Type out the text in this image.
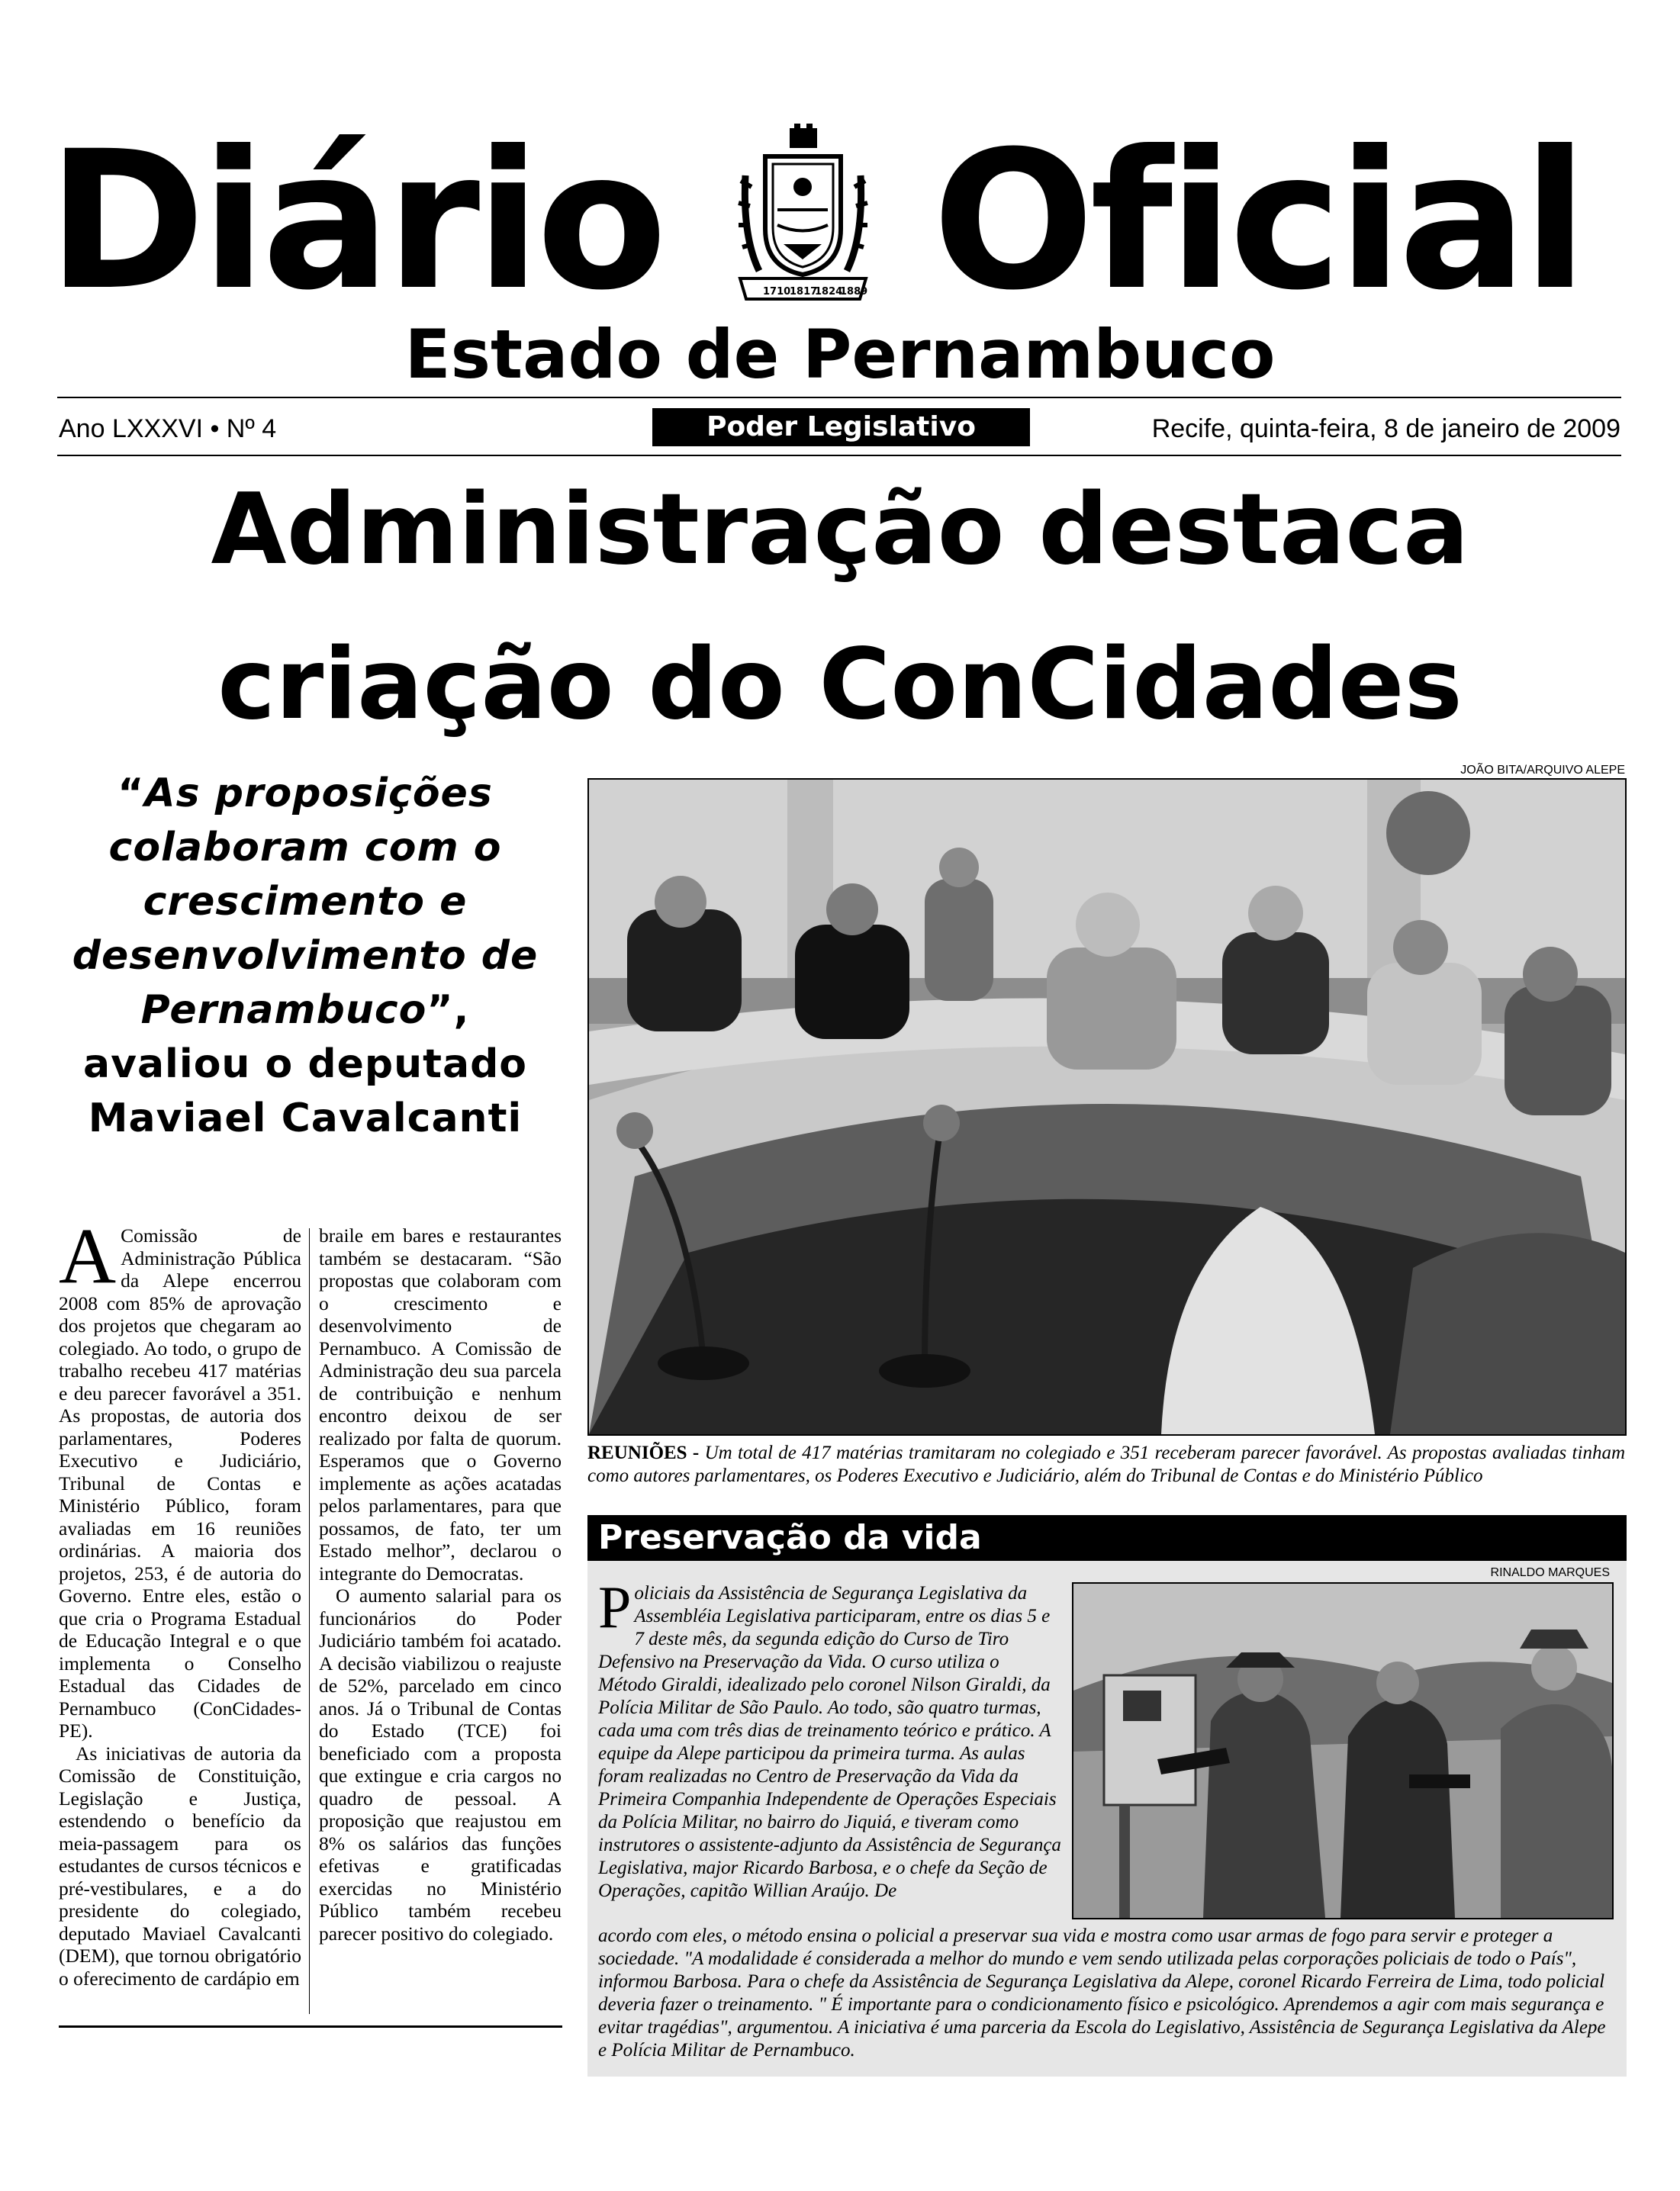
Diário Oficial
1710
1817
1824
1889
Estado de Pernambuco
Ano LXXXVI • Nº 4	Poder Legislativo	Recife, quinta-feira, 8 de janeiro de 2009
Administração destaca
criação do ConCidades
“As proposições colaboram com o crescimento e desenvolvimento de Pernambuco”, avaliou o deputado Maviael Cavalcanti

A Comissão de Administração Pública da Alepe encerrou 2008 com 85% de aprovação dos projetos que chegaram ao colegiado. Ao todo, o grupo de trabalho recebeu 417 matérias e deu parecer favorável a 351. As propostas, de autoria dos parlamentares, Poderes Executivo e Judiciário, Tribunal de Contas e Ministério Público, foram avaliadas em 16 reuniões ordinárias. A maioria dos projetos, 253, é de autoria do Governo. Entre eles, estão o que cria o Programa Estadual de Educação Integral e o que implementa o Conselho Estadual das Cidades de Pernambuco (ConCidades-PE).

As iniciativas de autoria da Comissão de Constituição, Legislação e Justiça, estendendo o benefício da meia-passagem para os estudantes de cursos técnicos e pré-vestibulares, e a do presidente do colegiado, deputado Maviael Cavalcanti (DEM), que tornou obrigatório o oferecimento de cardápio em

braile em bares e restaurantes também se destacaram. “São propostas que colaboram com o crescimento e desenvolvimento de Pernambuco. A Comissão de Administração deu sua parcela de contribuição e nenhum encontro deixou de ser realizado por falta de quorum. Esperamos que o Governo implemente as ações acatadas pelos parlamentares, para que possamos, de fato, ter um Estado melhor”, declarou o integrante do Democratas.

O aumento salarial para os funcionários do Poder Judiciário também foi acatado. A decisão viabilizou o reajuste de 52%, parcelado em cinco anos. Já o Tribunal de Contas do Estado (TCE) foi beneficiado com a proposta que extingue e cria cargos no quadro de pessoal. A proposição que reajustou em 8% os salários das funções efetivas e gratificadas exercidas no Ministério Público também recebeu parecer positivo do colegiado.

JOÃO BITA/ARQUIVO ALEPE
REUNIÕES - Um total de 417 matérias tramitaram no colegiado e 351 receberam parecer favorável. As propostas avaliadas tinham como autores parlamentares, os Poderes Executivo e Judiciário, além do Tribunal de Contas e do Ministério Público
Preservação da vida
RINALDO MARQUES
Policiais da Assistência de Segurança Legislativa da Assembléia Legislativa participaram, entre os dias 5 e 7 deste mês, da segunda edição do Curso de Tiro Defensivo na Preservação da Vida. O curso utiliza o Método Giraldi, idealizado pelo coronel Nilson Giraldi, da Polícia Militar de São Paulo. Ao todo, são quatro turmas, cada uma com três dias de treinamento teórico e prático. A equipe da Alepe participou da primeira turma. As aulas foram realizadas no Centro de Preservação da Vida da Primeira Companhia Independente de Operações Especiais da Polícia Militar, no bairro do Jiquiá, e tiveram como instrutores o assistente-adjunto da Assistência de Segurança Legislativa, major Ricardo Barbosa, e o chefe da Seção de Operações, capitão Willian Araújo. De
acordo com eles, o método ensina o policial a preservar sua vida e mostra como usar armas de fogo para servir e proteger a sociedade. "A modalidade é considerada a melhor do mundo e vem sendo utilizada pelas corporações policiais de todo o País", informou Barbosa. Para o chefe da Assistência de Segurança Legislativa da Alepe, coronel Ricardo Ferreira de Lima, todo policial deveria fazer o treinamento. " É importante para o condicionamento físico e psicológico. Aprendemos a agir com mais segurança e evitar tragédias", argumentou. A iniciativa é uma parceria da Escola do Legislativo, Assistência de Segurança Legislativa da Alepe e Polícia Militar de Pernambuco.
